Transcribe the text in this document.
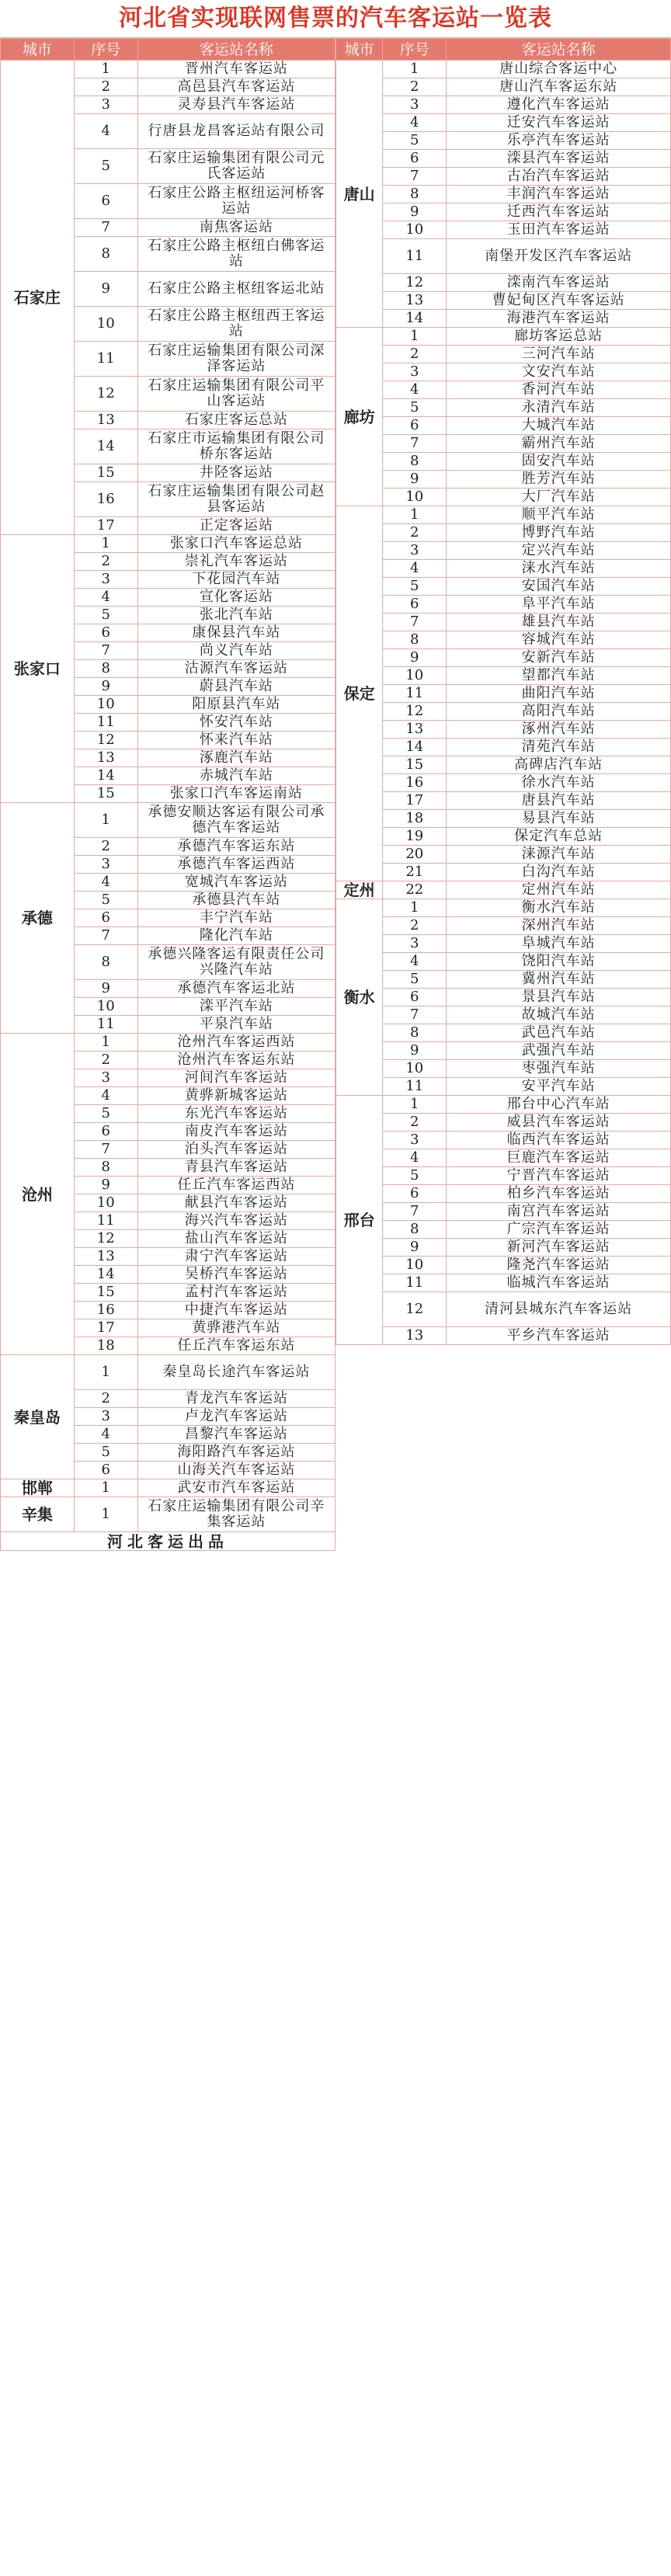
河北省实现联网售票的汽车客运站一览表
城市	序号	客运站名称
石家庄	1	晋州汽车客运站
	2	高邑县汽车客运站
	3	灵寿县汽车客运站
	4	行唐县龙昌客运站有限公司
	5	石家庄运输集团有限公司元氏客运站
	6	石家庄公路主枢纽运河桥客运站
	7	南焦客运站
	8	石家庄公路主枢纽白佛客运站
	9	石家庄公路主枢纽客运北站
	10	石家庄公路主枢纽西王客运站
	11	石家庄运输集团有限公司深泽客运站
	12	石家庄运输集团有限公司平山客运站
	13	石家庄客运总站
	14	石家庄市运输集团有限公司桥东客运站
	15	井陉客运站
	16	石家庄运输集团有限公司赵县客运站
	17	正定客运站
张家口	1	张家口汽车客运总站
	2	崇礼汽车客运站
	3	下花园汽车站
	4	宣化客运站
	5	张北汽车站
	6	康保县汽车站
	7	尚义汽车站
	8	沽源汽车客运站
	9	蔚县汽车站
	10	阳原县汽车站
	11	怀安汽车站
	12	怀来汽车站
	13	涿鹿汽车站
	14	赤城汽车站
	15	张家口汽车客运南站
承德	1	承德安顺达客运有限公司承德汽车客运站
	2	承德汽车客运东站
	3	承德汽车客运西站
	4	宽城汽车客运站
	5	承德县汽车站
	6	丰宁汽车站
	7	隆化汽车站
	8	承德兴隆客运有限责任公司兴隆汽车站
	9	承德汽车客运北站
	10	滦平汽车站
	11	平泉汽车站
沧州	1	沧州汽车客运西站
	2	沧州汽车客运东站
	3	河间汽车客运站
	4	黄骅新城客运站
	5	东光汽车客运站
	6	南皮汽车客运站
	7	泊头汽车客运站
	8	青县汽车客运站
	9	任丘汽车客运西站
	10	献县汽车客运站
	11	海兴汽车客运站
	12	盐山汽车客运站
	13	肃宁汽车客运站
	14	吴桥汽车客运站
	15	孟村汽车客运站
	16	中捷汽车客运站
	17	黄骅港汽车站
	18	任丘汽车客运东站
秦皇岛	1	秦皇岛长途汽车客运站
	2	青龙汽车客运站
	3	卢龙汽车客运站
	4	昌黎汽车客运站
	5	海阳路汽车客运站
	6	山海关汽车客运站
邯郸	1	武安市汽车客运站
辛集	1	石家庄运输集团有限公司辛集客运站
河北客运出品		
城市	序号	客运站名称
唐山	1	唐山综合客运中心
	2	唐山汽车客运东站
	3	遵化汽车客运站
	4	迁安汽车客运站
	5	乐亭汽车客运站
	6	滦县汽车客运站
	7	古冶汽车客运站
	8	丰润汽车客运站
	9	迁西汽车客运站
	10	玉田汽车客运站
	11	南堡开发区汽车客运站
	12	滦南汽车客运站
	13	曹妃甸区汽车客运站
	14	海港汽车客运站
廊坊	1	廊坊客运总站
	2	三河汽车站
	3	文安汽车站
	4	香河汽车站
	5	永清汽车站
	6	大城汽车站
	7	霸州汽车站
	8	固安汽车站
	9	胜芳汽车站
	10	大厂汽车站
保定	1	顺平汽车站
	2	博野汽车站
	3	定兴汽车站
	4	涞水汽车站
	5	安国汽车站
	6	阜平汽车站
	7	雄县汽车站
	8	容城汽车站
	9	安新汽车站
	10	望都汽车站
	11	曲阳汽车站
	12	高阳汽车站
	13	涿州汽车站
	14	清苑汽车站
	15	高碑店汽车站
	16	徐水汽车站
	17	唐县汽车站
	18	易县汽车站
	19	保定汽车总站
	20	涞源汽车站
	21	白沟汽车站
定州	22	定州汽车站
衡水	1	衡水汽车站
	2	深州汽车站
	3	阜城汽车站
	4	饶阳汽车站
	5	冀州汽车站
	6	景县汽车站
	7	故城汽车站
	8	武邑汽车站
	9	武强汽车站
	10	枣强汽车站
	11	安平汽车站
邢台	1	邢台中心汽车站
	2	威县汽车客运站
	3	临西汽车客运站
	4	巨鹿汽车客运站
	5	宁晋汽车客运站
	6	柏乡汽车客运站
	7	南宫汽车客运站
	8	广宗汽车客运站
	9	新河汽车客运站
	10	隆尧汽车客运站
	11	临城汽车客运站
	12	清河县城东汽车客运站
	13	平乡汽车客运站
